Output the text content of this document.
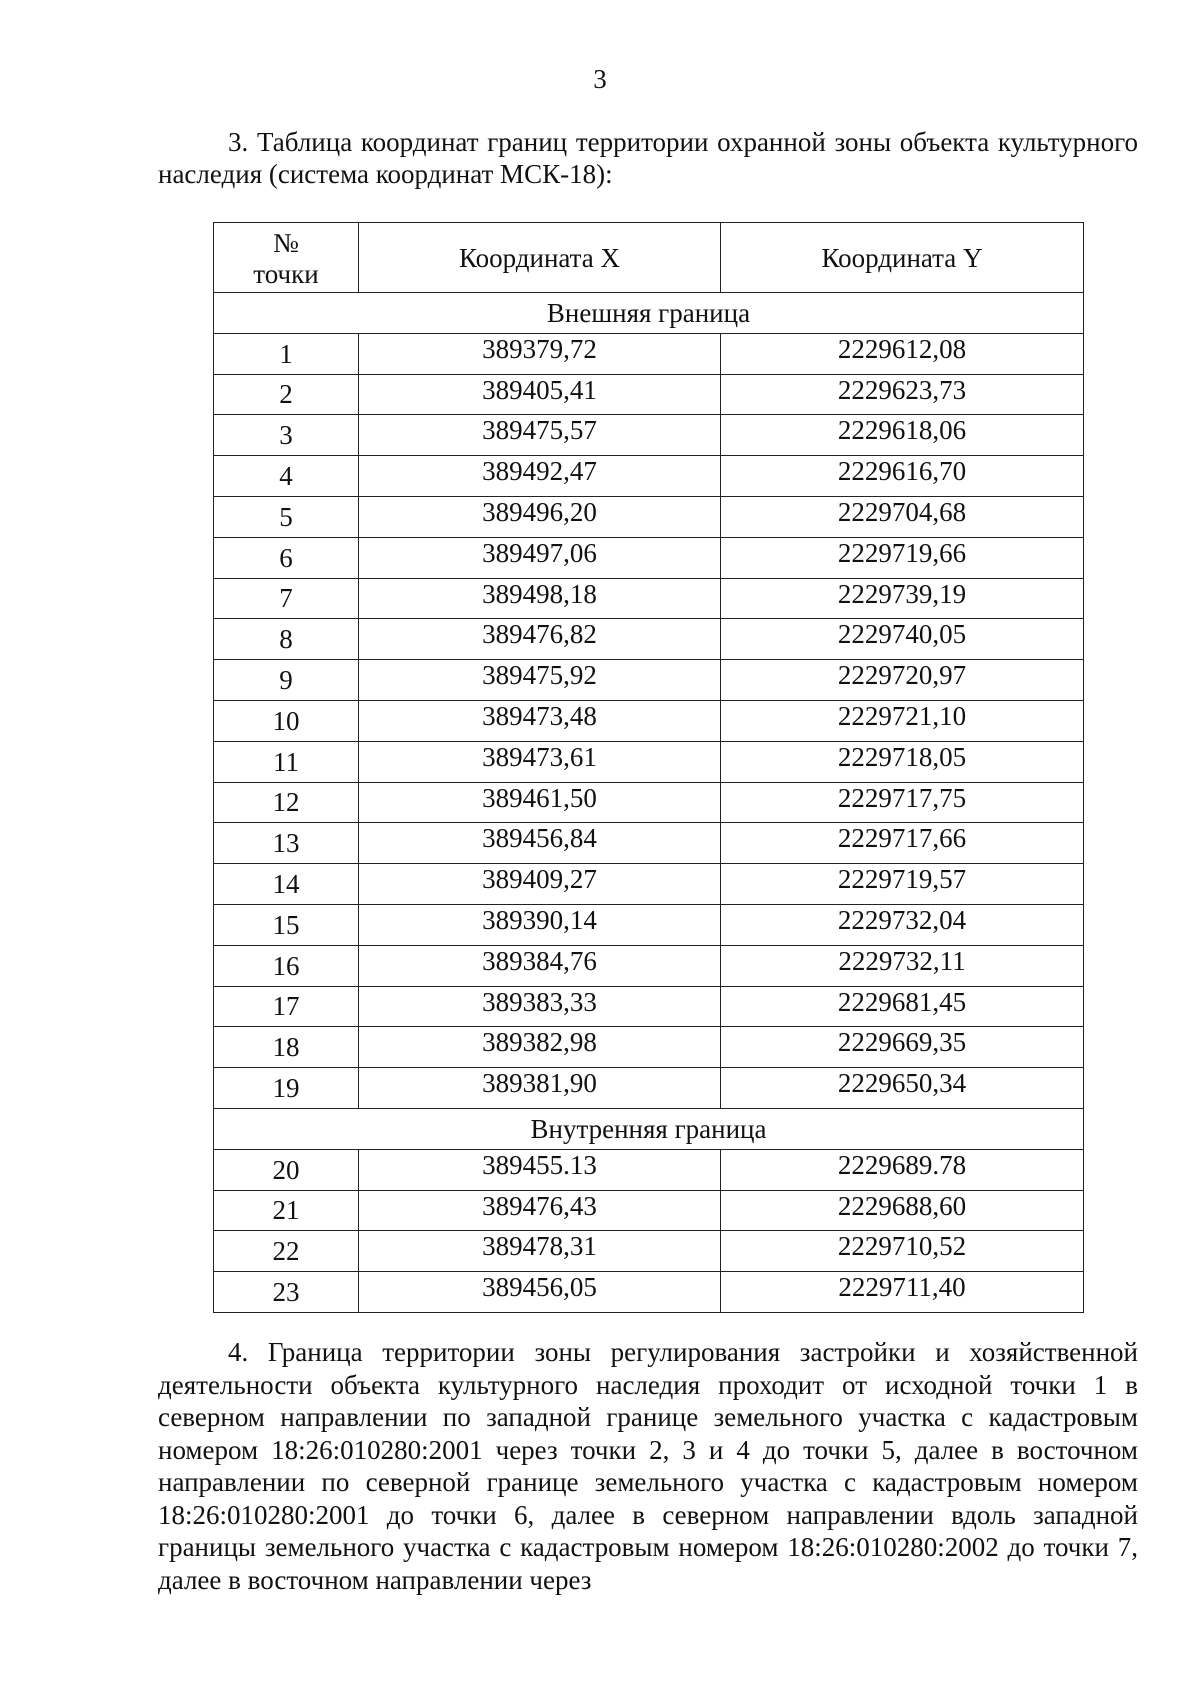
3

3. Таблица координат границ территории охранной зоны объекта культурного наследия (система координат МСК-18):

№
точки	Координата X	Координата Y
Внешняя граница		
1	389379,72	2229612,08
2	389405,41	2229623,73
3	389475,57	2229618,06
4	389492,47	2229616,70
5	389496,20	2229704,68
6	389497,06	2229719,66
7	389498,18	2229739,19
8	389476,82	2229740,05
9	389475,92	2229720,97
10	389473,48	2229721,10
11	389473,61	2229718,05
12	389461,50	2229717,75
13	389456,84	2229717,66
14	389409,27	2229719,57
15	389390,14	2229732,04
16	389384,76	2229732,11
17	389383,33	2229681,45
18	389382,98	2229669,35
19	389381,90	2229650,34
Внутренняя граница		
20	389455.13	2229689.78
21	389476,43	2229688,60
22	389478,31	2229710,52
23	389456,05	2229711,40

4. Граница территории зоны регулирования застройки и хозяйственной деятельности объекта культурного наследия проходит от исходной точки 1 в северном направлении по западной границе земельного участка с кадастровым номером 18:26:010280:2001 через точки 2, 3 и 4 до точки 5, далее в восточном направлении по северной границе земельного участка с кадастровым номером 18:26:010280:2001 до точки 6, далее в северном направлении вдоль западной границы земельного участка с кадастровым номером 18:26:010280:2002 до точки 7, далее в восточном направлении через
